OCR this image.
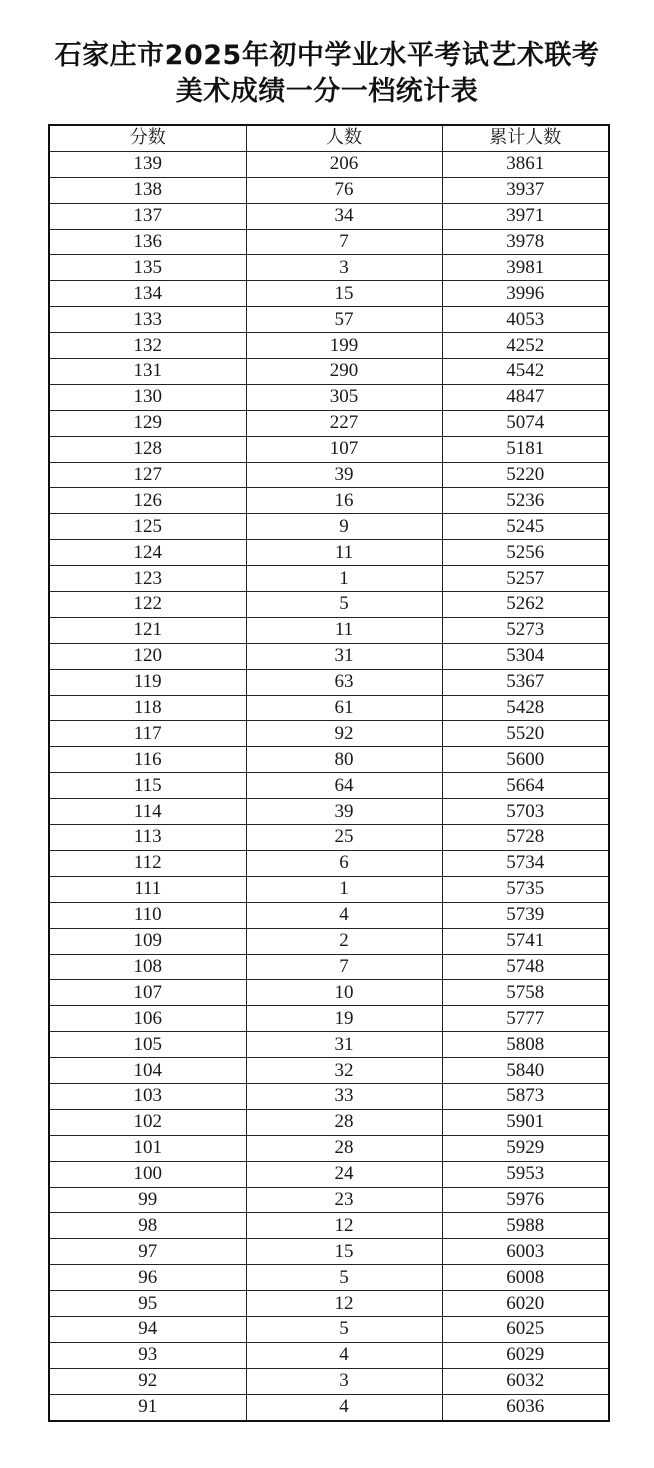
石家庄市2025年初中学业水平考试艺术联考
美术成绩一分一档统计表
分数	人数	累计人数
139	206	3861
138	76	3937
137	34	3971
136	7	3978
135	3	3981
134	15	3996
133	57	4053
132	199	4252
131	290	4542
130	305	4847
129	227	5074
128	107	5181
127	39	5220
126	16	5236
125	9	5245
124	11	5256
123	1	5257
122	5	5262
121	11	5273
120	31	5304
119	63	5367
118	61	5428
117	92	5520
116	80	5600
115	64	5664
114	39	5703
113	25	5728
112	6	5734
111	1	5735
110	4	5739
109	2	5741
108	7	5748
107	10	5758
106	19	5777
105	31	5808
104	32	5840
103	33	5873
102	28	5901
101	28	5929
100	24	5953
99	23	5976
98	12	5988
97	15	6003
96	5	6008
95	12	6020
94	5	6025
93	4	6029
92	3	6032
91	4	6036
